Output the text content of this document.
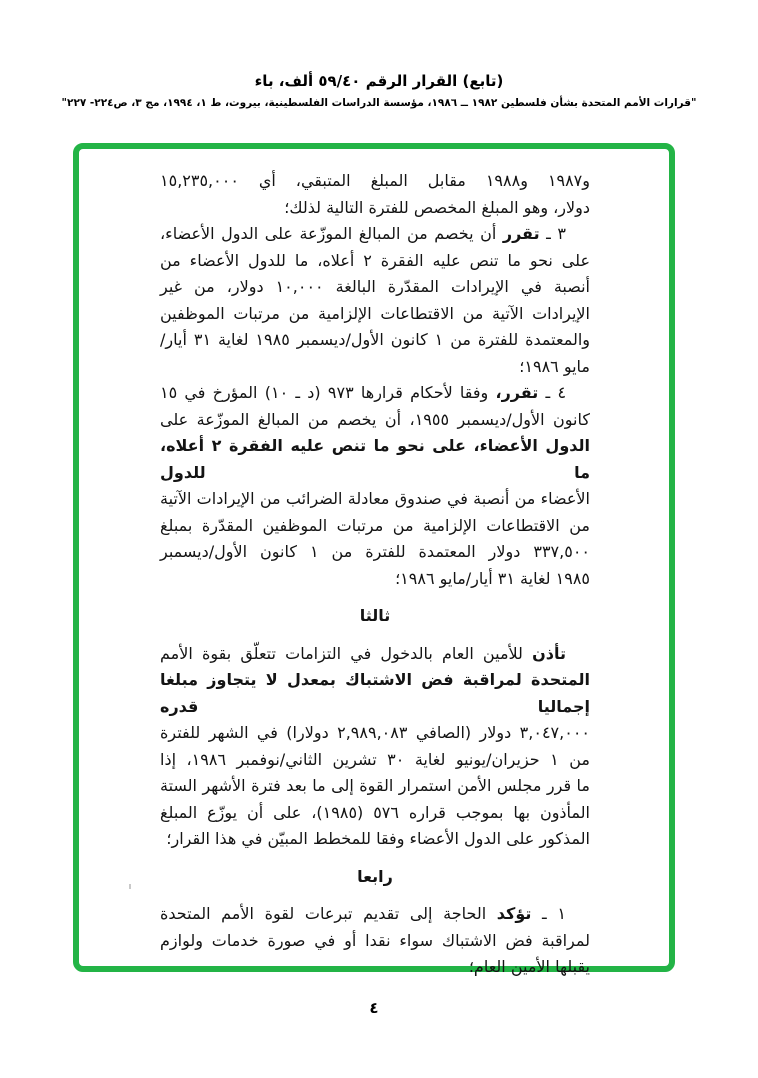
(تابع) القرار الرقم ٥٩/٤٠ ألف، باء
"قرارات الأمم المتحدة بشأن فلسطين ١٩٨٢ ــ ١٩٨٦، مؤسسة الدراسات الفلسطينية، بيروت، ط ١، ١٩٩٤، مج ٣، ص٢٢٤- ٢٢٧"
و١٩٨٧ و١٩٨٨ مقابل المبلغ المتبقي، أي ١٥,٢٣٥,٠٠٠
دولار، وهو المبلغ المخصص للفترة التالية لذلك؛
٣ ـ تقرر أن يخصم من المبالغ الموزّعة على الدول الأعضاء،
على نحو ما تنص عليه الفقرة ٢ أعلاه، ما للدول الأعضاء من
أنصبة في الإيرادات المقدّرة البالغة ١٠,٠٠٠ دولار، من غير
الإيرادات الآتية من الاقتطاعات الإلزامية من مرتبات الموظفين
والمعتمدة للفترة من ١ كانون الأول/ديسمبر ١٩٨٥ لغاية ٣١ أيار/
مايو ١٩٨٦؛
٤ ـ تقرر، وفقا لأحكام قرارها ٩٧٣ (د ـ ١٠) المؤرخ في ١٥
كانون الأول/ديسمبر ١٩٥٥، أن يخصم من المبالغ الموزّعة على
الدول الأعضاء، على نحو ما تنص عليه الفقرة ٢ أعلاه، ما للدول
الأعضاء من أنصبة في صندوق معادلة الضرائب من الإيرادات الآتية
من الاقتطاعات الإلزامية من مرتبات الموظفين المقدّرة بمبلغ
٣٣٧,٥٠٠ دولار المعتمدة للفترة من ١ كانون الأول/ديسمبر
١٩٨٥ لغاية ٣١ أيار/مايو ١٩٨٦؛
ثالثا
تأذن للأمين العام بالدخول في التزامات تتعلّق بقوة الأمم
المتحدة لمراقبة فض الاشتباك بمعدل لا يتجاوز مبلغا إجماليا قدره
٣,٠٤٧,٠٠٠ دولار (الصافي ٢,٩٨٩,٠٨٣ دولارا) في الشهر للفترة
من ١ حزيران/يونيو لغاية ٣٠ تشرين الثاني/نوفمبر ١٩٨٦، إذا
ما قرر مجلس الأمن استمرار القوة إلى ما بعد فترة الأشهر الستة
المأذون بها بموجب قراره ٥٧٦ (١٩٨٥)، على أن يوزّع المبلغ
المذكور على الدول الأعضاء وفقا للمخطط المبيّن في هذا القرار؛
رابعا
١ ـ تؤكد الحاجة إلى تقديم تبرعات لقوة الأمم المتحدة
لمراقبة فض الاشتباك سواء نقدا أو في صورة خدمات ولوازم
يقبلها الأمين العام؛
٤
